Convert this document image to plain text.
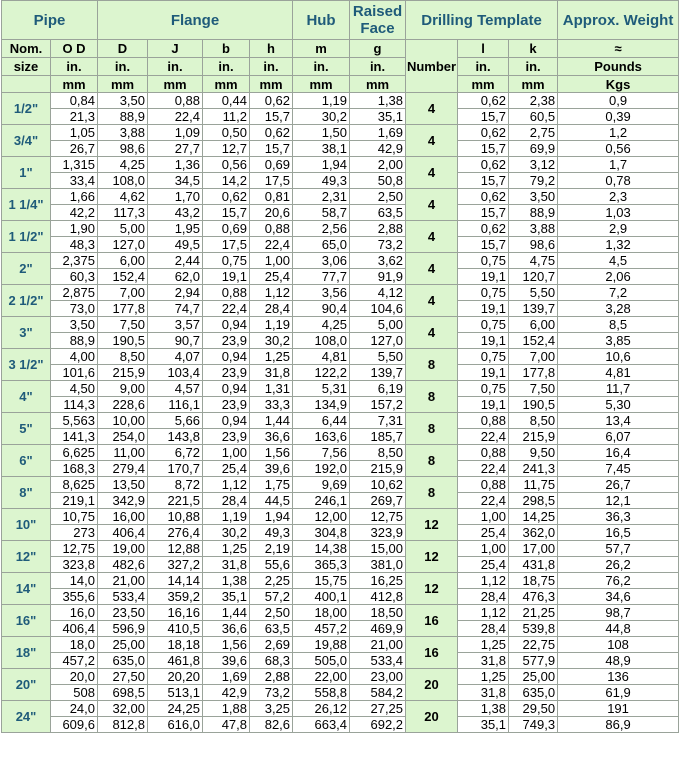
Pipe		Flange				Hub	Raised Face	Drilling Template			Approx. Weight
Nom.	O D	D	J	b	h	m	g	Number	l	k	≈
size	in.	in.	in.	in.	in.	in.	in.		in.	in.	Pounds
	mm	mm	mm	mm	mm	mm	mm		mm	mm	Kgs
1/2"	0,84	3,50	0,88	0,44	0,62	1,19	1,38	4	0,62	2,38	0,9
	21,3	88,9	22,4	11,2	15,7	30,2	35,1		15,7	60,5	0,39
3/4"	1,05	3,88	1,09	0,50	0,62	1,50	1,69	4	0,62	2,75	1,2
	26,7	98,6	27,7	12,7	15,7	38,1	42,9		15,7	69,9	0,56
1"	1,315	4,25	1,36	0,56	0,69	1,94	2,00	4	0,62	3,12	1,7
	33,4	108,0	34,5	14,2	17,5	49,3	50,8		15,7	79,2	0,78
1 1/4"	1,66	4,62	1,70	0,62	0,81	2,31	2,50	4	0,62	3,50	2,3
	42,2	117,3	43,2	15,7	20,6	58,7	63,5		15,7	88,9	1,03
1 1/2"	1,90	5,00	1,95	0,69	0,88	2,56	2,88	4	0,62	3,88	2,9
	48,3	127,0	49,5	17,5	22,4	65,0	73,2		15,7	98,6	1,32
2"	2,375	6,00	2,44	0,75	1,00	3,06	3,62	4	0,75	4,75	4,5
	60,3	152,4	62,0	19,1	25,4	77,7	91,9		19,1	120,7	2,06
2 1/2"	2,875	7,00	2,94	0,88	1,12	3,56	4,12	4	0,75	5,50	7,2
	73,0	177,8	74,7	22,4	28,4	90,4	104,6		19,1	139,7	3,28
3"	3,50	7,50	3,57	0,94	1,19	4,25	5,00	4	0,75	6,00	8,5
	88,9	190,5	90,7	23,9	30,2	108,0	127,0		19,1	152,4	3,85
3 1/2"	4,00	8,50	4,07	0,94	1,25	4,81	5,50	8	0,75	7,00	10,6
	101,6	215,9	103,4	23,9	31,8	122,2	139,7		19,1	177,8	4,81
4"	4,50	9,00	4,57	0,94	1,31	5,31	6,19	8	0,75	7,50	11,7
	114,3	228,6	116,1	23,9	33,3	134,9	157,2		19,1	190,5	5,30
5"	5,563	10,00	5,66	0,94	1,44	6,44	7,31	8	0,88	8,50	13,4
	141,3	254,0	143,8	23,9	36,6	163,6	185,7		22,4	215,9	6,07
6"	6,625	11,00	6,72	1,00	1,56	7,56	8,50	8	0,88	9,50	16,4
	168,3	279,4	170,7	25,4	39,6	192,0	215,9		22,4	241,3	7,45
8"	8,625	13,50	8,72	1,12	1,75	9,69	10,62	8	0,88	11,75	26,7
	219,1	342,9	221,5	28,4	44,5	246,1	269,7		22,4	298,5	12,1
10"	10,75	16,00	10,88	1,19	1,94	12,00	12,75	12	1,00	14,25	36,3
	273	406,4	276,4	30,2	49,3	304,8	323,9		25,4	362,0	16,5
12"	12,75	19,00	12,88	1,25	2,19	14,38	15,00	12	1,00	17,00	57,7
	323,8	482,6	327,2	31,8	55,6	365,3	381,0		25,4	431,8	26,2
14"	14,0	21,00	14,14	1,38	2,25	15,75	16,25	12	1,12	18,75	76,2
	355,6	533,4	359,2	35,1	57,2	400,1	412,8		28,4	476,3	34,6
16"	16,0	23,50	16,16	1,44	2,50	18,00	18,50	16	1,12	21,25	98,7
	406,4	596,9	410,5	36,6	63,5	457,2	469,9		28,4	539,8	44,8
18"	18,0	25,00	18,18	1,56	2,69	19,88	21,00	16	1,25	22,75	108
	457,2	635,0	461,8	39,6	68,3	505,0	533,4		31,8	577,9	48,9
20"	20,0	27,50	20,20	1,69	2,88	22,00	23,00	20	1,25	25,00	136
	508	698,5	513,1	42,9	73,2	558,8	584,2		31,8	635,0	61,9
24"	24,0	32,00	24,25	1,88	3,25	26,12	27,25	20	1,38	29,50	191
	609,6	812,8	616,0	47,8	82,6	663,4	692,2		35,1	749,3	86,9
